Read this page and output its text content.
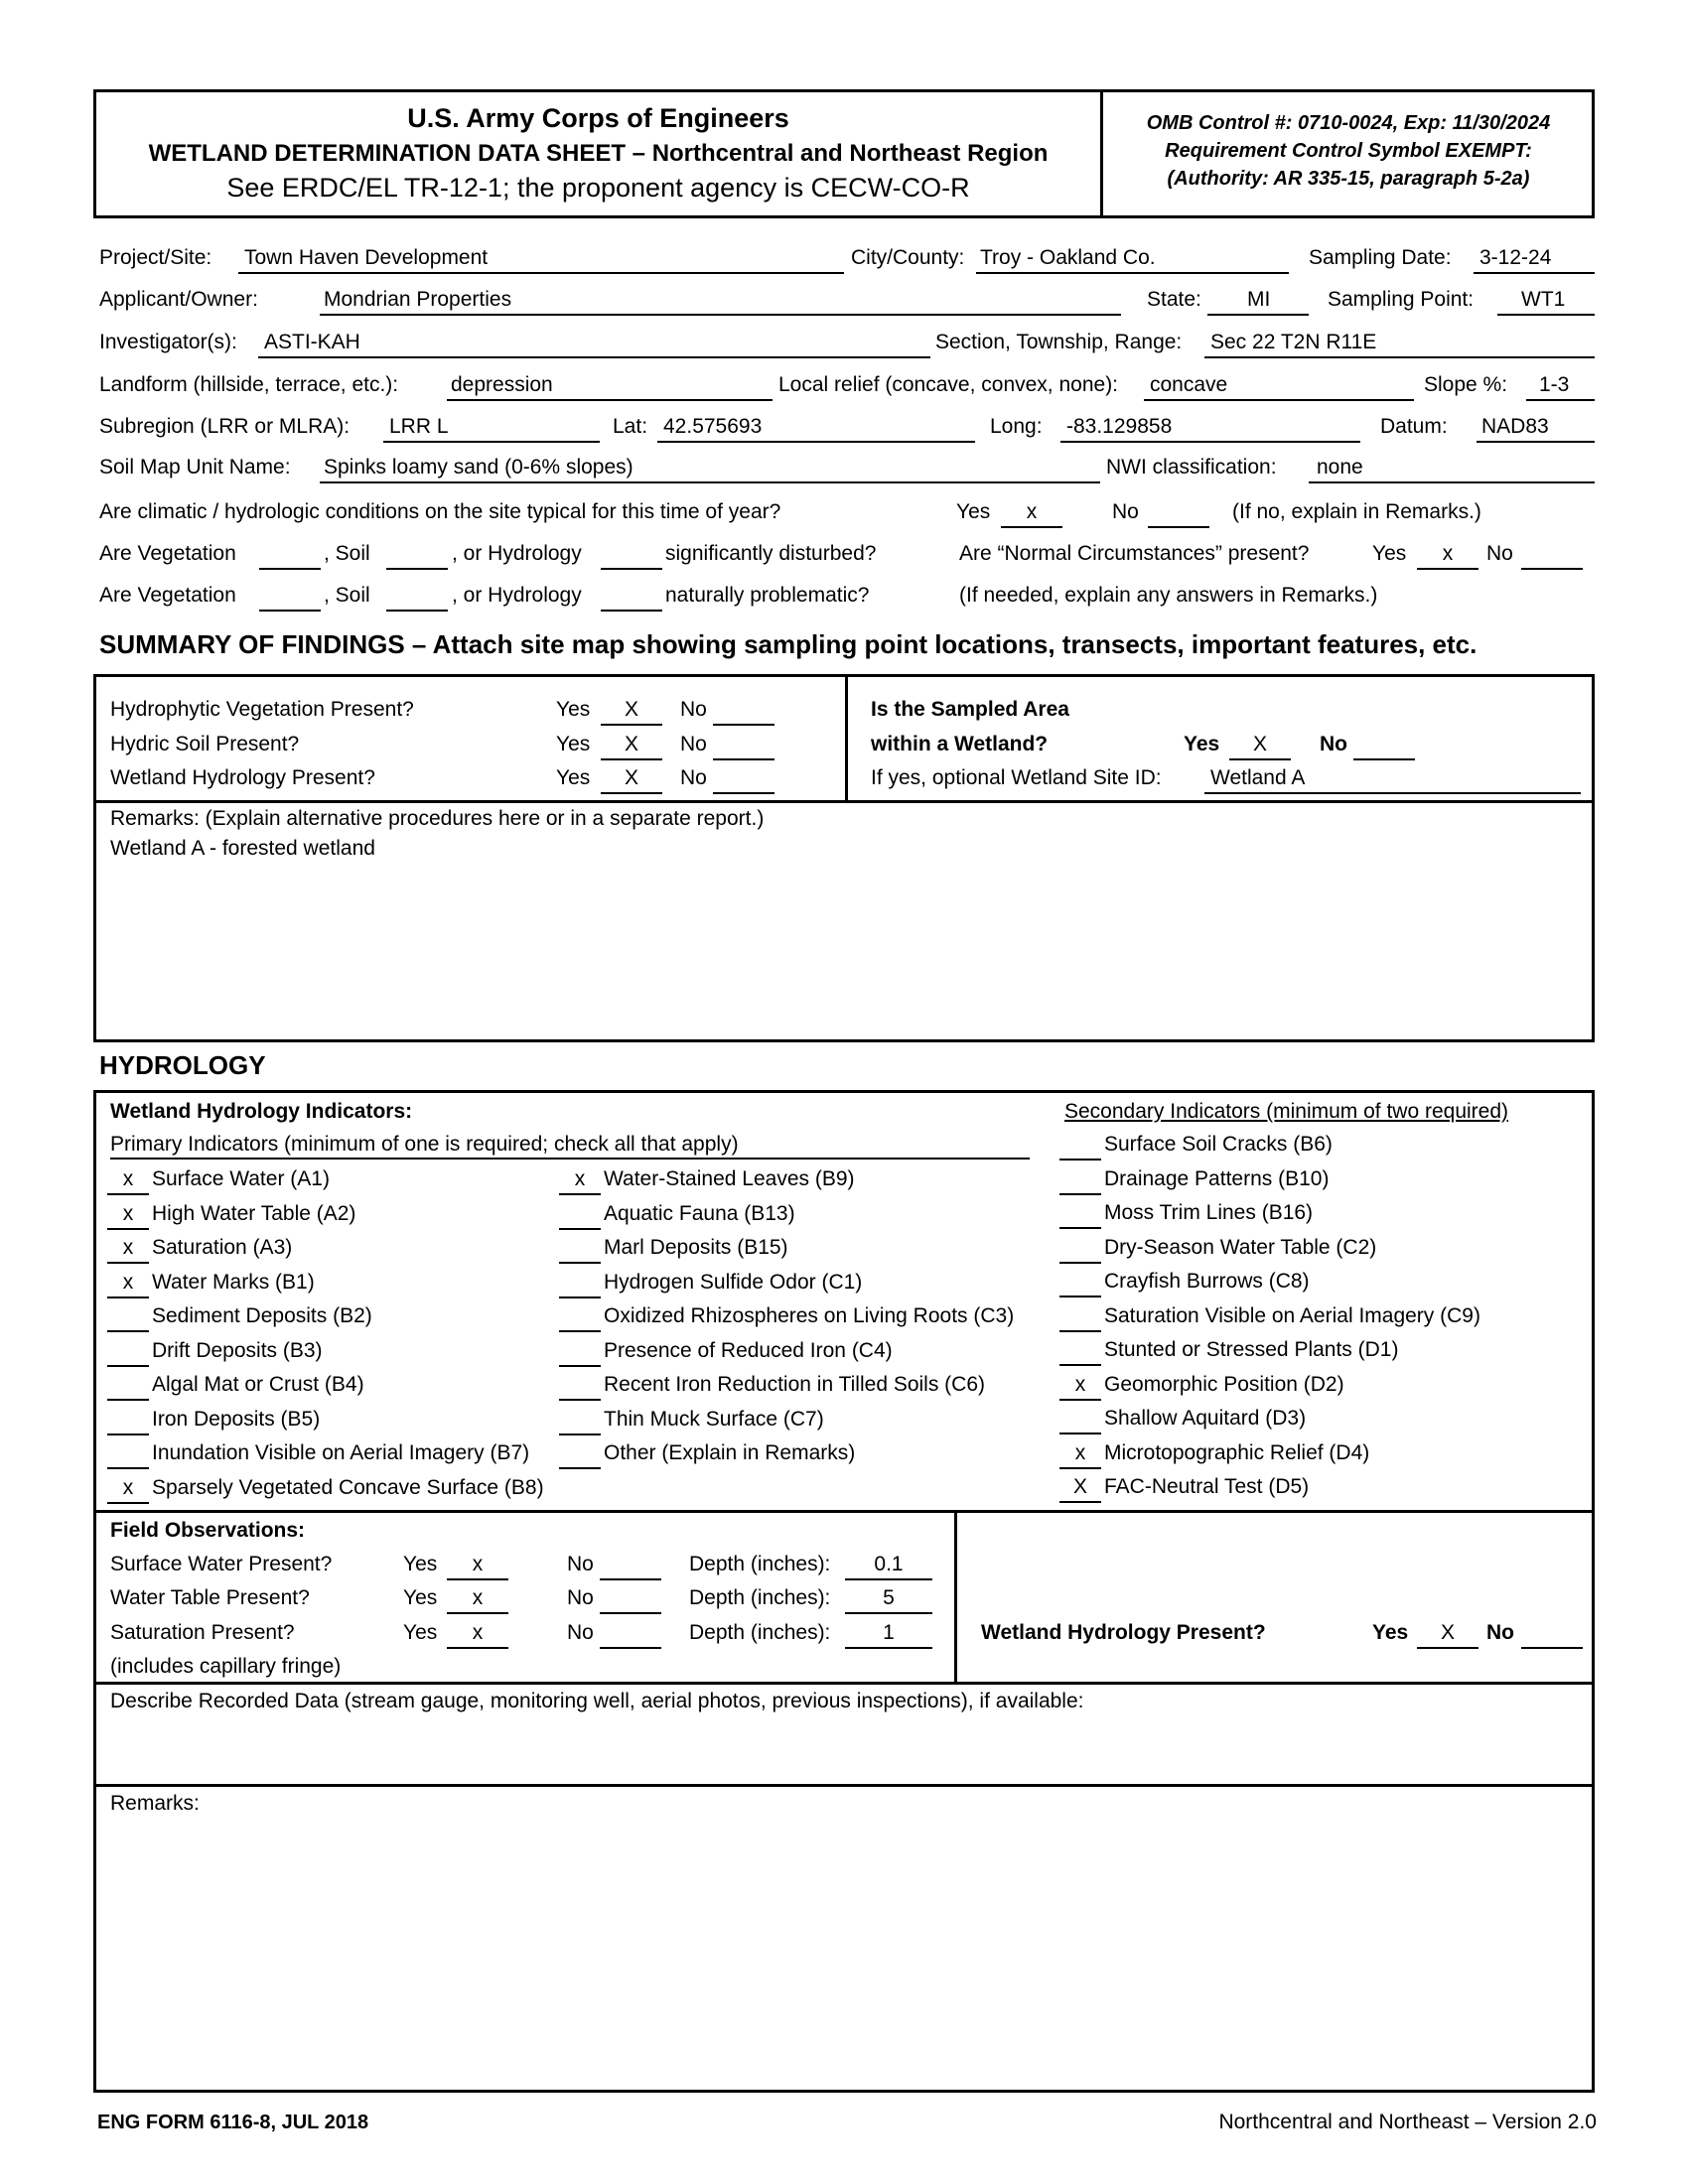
U.S. Army Corps of Engineers
WETLAND DETERMINATION DATA SHEET – Northcentral and Northeast Region
See ERDC/EL TR-12-1; the proponent agency is CECW-CO-R
OMB Control #: 0710-0024, Exp: 11/30/2024
Requirement Control Symbol EXEMPT:
(Authority: AR 335-15, paragraph 5-2a)
Project/Site: Town Haven Development	City/County: Troy - Oakland Co.	Sampling Date: 3-12-24
Applicant/Owner:	Mondrian Properties	State: MI	Sampling Point: WT1
Investigator(s): ASTI-KAH	Section, Township, Range: Sec 22 T2N R11E
Landform (hillside, terrace, etc.):	depression	Local relief (concave, convex, none): concave	Slope %: 1-3
Subregion (LRR or MLRA): LRR L	Lat: 42.575693	Long: -83.129858	Datum: NAD83
Soil Map Unit Name: Spinks loamy sand (0-6% slopes)	NWI classification: none
Are climatic / hydrologic conditions on the site typical for this time of year?	Yes	x	No	(If no, explain in Remarks.)
Are Vegetation	, Soil	, or Hydrology	significantly disturbed?	Are “Normal Circumstances” present?	Yes	x	No
Are Vegetation	, Soil	, or Hydrology	naturally problematic?	(If needed, explain any answers in Remarks.)
SUMMARY OF FINDINGS – Attach site map showing sampling point locations, transects, important features, etc.
Hydrophytic Vegetation Present?	Yes	X	No
Hydric Soil Present?	Yes	X	No
Wetland Hydrology Present?	Yes	X	No
Is the Sampled Area
within a Wetland?	Yes	X	No
If yes, optional Wetland Site ID: Wetland A
Remarks: (Explain alternative procedures here or in a separate report.)
Wetland A - forested wetland
HYDROLOGY
Wetland Hydrology Indicators:
Primary Indicators (minimum of one is required; check all that apply)
Secondary Indicators (minimum of two required)
x Surface Water (A1)
x High Water Table (A2)
x Saturation (A3)
x Water Marks (B1)
Sediment Deposits (B2)
Drift Deposits (B3)
Algal Mat or Crust (B4)
Iron Deposits (B5)
Inundation Visible on Aerial Imagery (B7)
x Sparsely Vegetated Concave Surface (B8)
x Water-Stained Leaves (B9)
Aquatic Fauna (B13)
Marl Deposits (B15)
Hydrogen Sulfide Odor (C1)
Oxidized Rhizospheres on Living Roots (C3)
Presence of Reduced Iron (C4)
Recent Iron Reduction in Tilled Soils (C6)
Thin Muck Surface (C7)
Other (Explain in Remarks)
Surface Soil Cracks (B6)
Drainage Patterns (B10)
Moss Trim Lines (B16)
Dry-Season Water Table (C2)
Crayfish Burrows (C8)
Saturation Visible on Aerial Imagery (C9)
Stunted or Stressed Plants (D1)
x Geomorphic Position (D2)
Shallow Aquitard (D3)
x Microtopographic Relief (D4)
X FAC-Neutral Test (D5)
Field Observations:
Surface Water Present?	Yes	x	No	Depth (inches):	0.1
Water Table Present?	Yes	x	No	Depth (inches):	5
Saturation Present?	Yes	x	No	Depth (inches):	1
(includes capillary fringe)
Wetland Hydrology Present?	Yes	X	No
Describe Recorded Data (stream gauge, monitoring well, aerial photos, previous inspections), if available:
Remarks:
ENG FORM 6116-8, JUL 2018	Northcentral and Northeast – Version 2.0
